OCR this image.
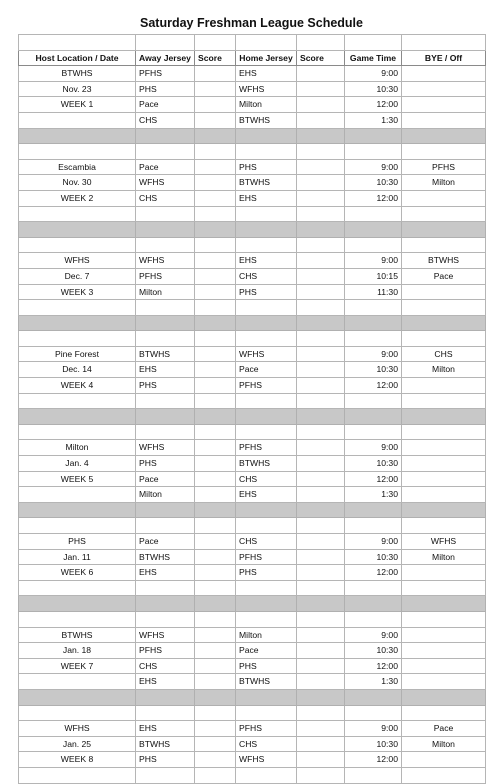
Saturday Freshman League Schedule

Host Location / Date	Away Jersey	Score	Home Jersey	Score	Game Time	BYE / Off
BTWHS	PFHS		EHS		9:00	
Nov. 23	PHS		WFHS		10:30	
WEEK 1	Pace		Milton		12:00	
	CHS		BTWHS		1:30	

Escambia	Pace		PHS		9:00	PFHS
Nov. 30	WFHS		BTWHS		10:30	Milton
WEEK 2	CHS		EHS		12:00	

WFHS	WFHS		EHS		9:00	BTWHS
Dec. 7	PFHS		CHS		10:15	Pace
WEEK 3	Milton		PHS		11:30	

Pine Forest	BTWHS		WFHS		9:00	CHS
Dec. 14	EHS		Pace		10:30	Milton
WEEK 4	PHS		PFHS		12:00	

Milton	WFHS		PFHS		9:00	
Jan. 4	PHS		BTWHS		10:30	
WEEK 5	Pace		CHS		12:00	
	Milton		EHS		1:30	

PHS	Pace		CHS		9:00	WFHS
Jan. 11	BTWHS		PFHS		10:30	Milton
WEEK 6	EHS		PHS		12:00	

BTWHS	WFHS		Milton		9:00	
Jan. 18	PFHS		Pace		10:30	
WEEK 7	CHS		PHS		12:00	
	EHS		BTWHS		1:30	

WFHS	EHS		PFHS		9:00	Pace
Jan. 25	BTWHS		CHS		10:30	Milton
WEEK 8	PHS		WFHS		12:00	
